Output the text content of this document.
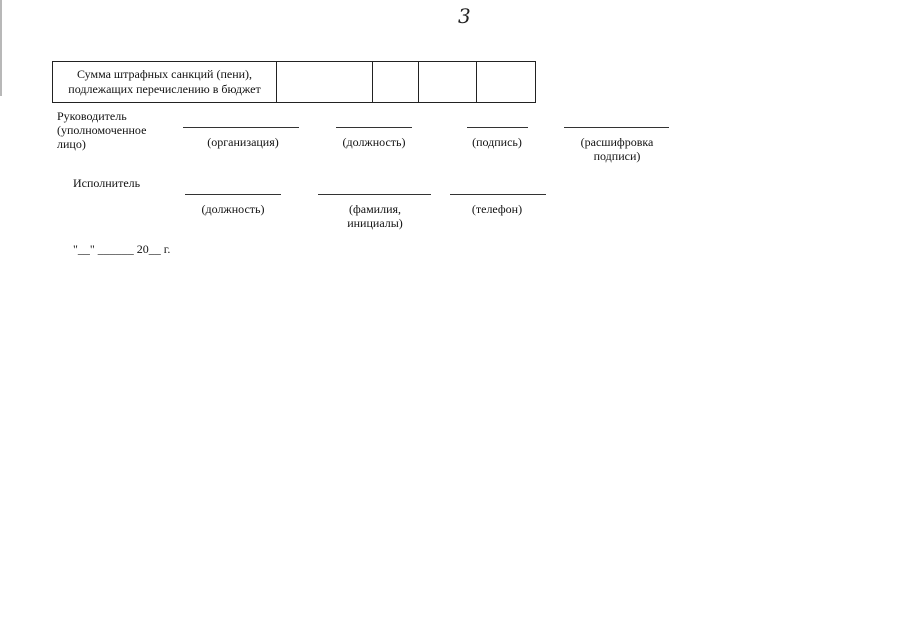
3
Сумма штрафных санкций (пени),
подлежащих перечислению в бюджет

Руководитель
(уполномоченное
лицо)	(организация)	(должность)	(подпись)	(расшифровка
подписи)
Исполнитель
(должность)	(фамилия,
инициалы)
(телефон)
"__" ______ 20__ г.
